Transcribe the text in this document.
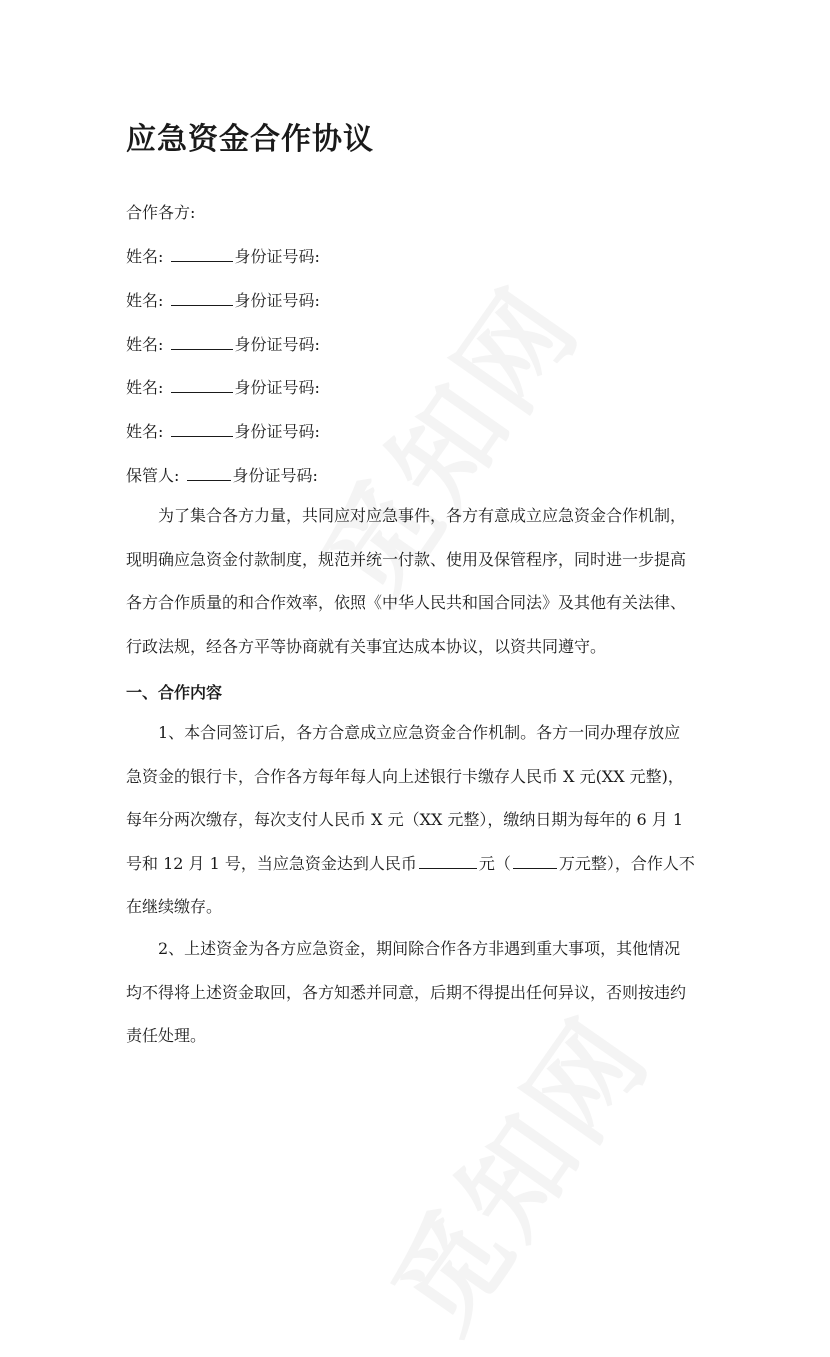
应急资金合作协议
合作各方:
姓名:	身份证号码:
姓名:	身份证号码:
姓名:	身份证号码:
姓名:	身份证号码:
姓名:	身份证号码:
保管人:	身份证号码:
为了集合各方力量，共同应对应急事件，各方有意成立应急资金合作机制，
现明确应急资金付款制度，规范并统一付款、使用及保管程序，同时进一步提高
各方合作质量的和合作效率，依照《中华人民共和国合同法》及其他有关法律、
行政法规，经各方平等协商就有关事宜达成本协议，以资共同遵守。
一、合作内容
1、本合同签订后，各方合意成立应急资金合作机制。各方一同办理存放应
急资金的银行卡，合作各方每年每人向上述银行卡缴存人民币 X 元(XX 元整)，
每年分两次缴存，每次支付人民币 X 元（XX 元整），缴纳日期为每年的 6 月 1
号和 12 月 1 号，当应急资金达到人民币	元（	万元整），合作人不
在继续缴存。
2、上述资金为各方应急资金，期间除合作各方非遇到重大事项，其他情况
均不得将上述资金取回，各方知悉并同意，后期不得提出任何异议，否则按违约
责任处理。
